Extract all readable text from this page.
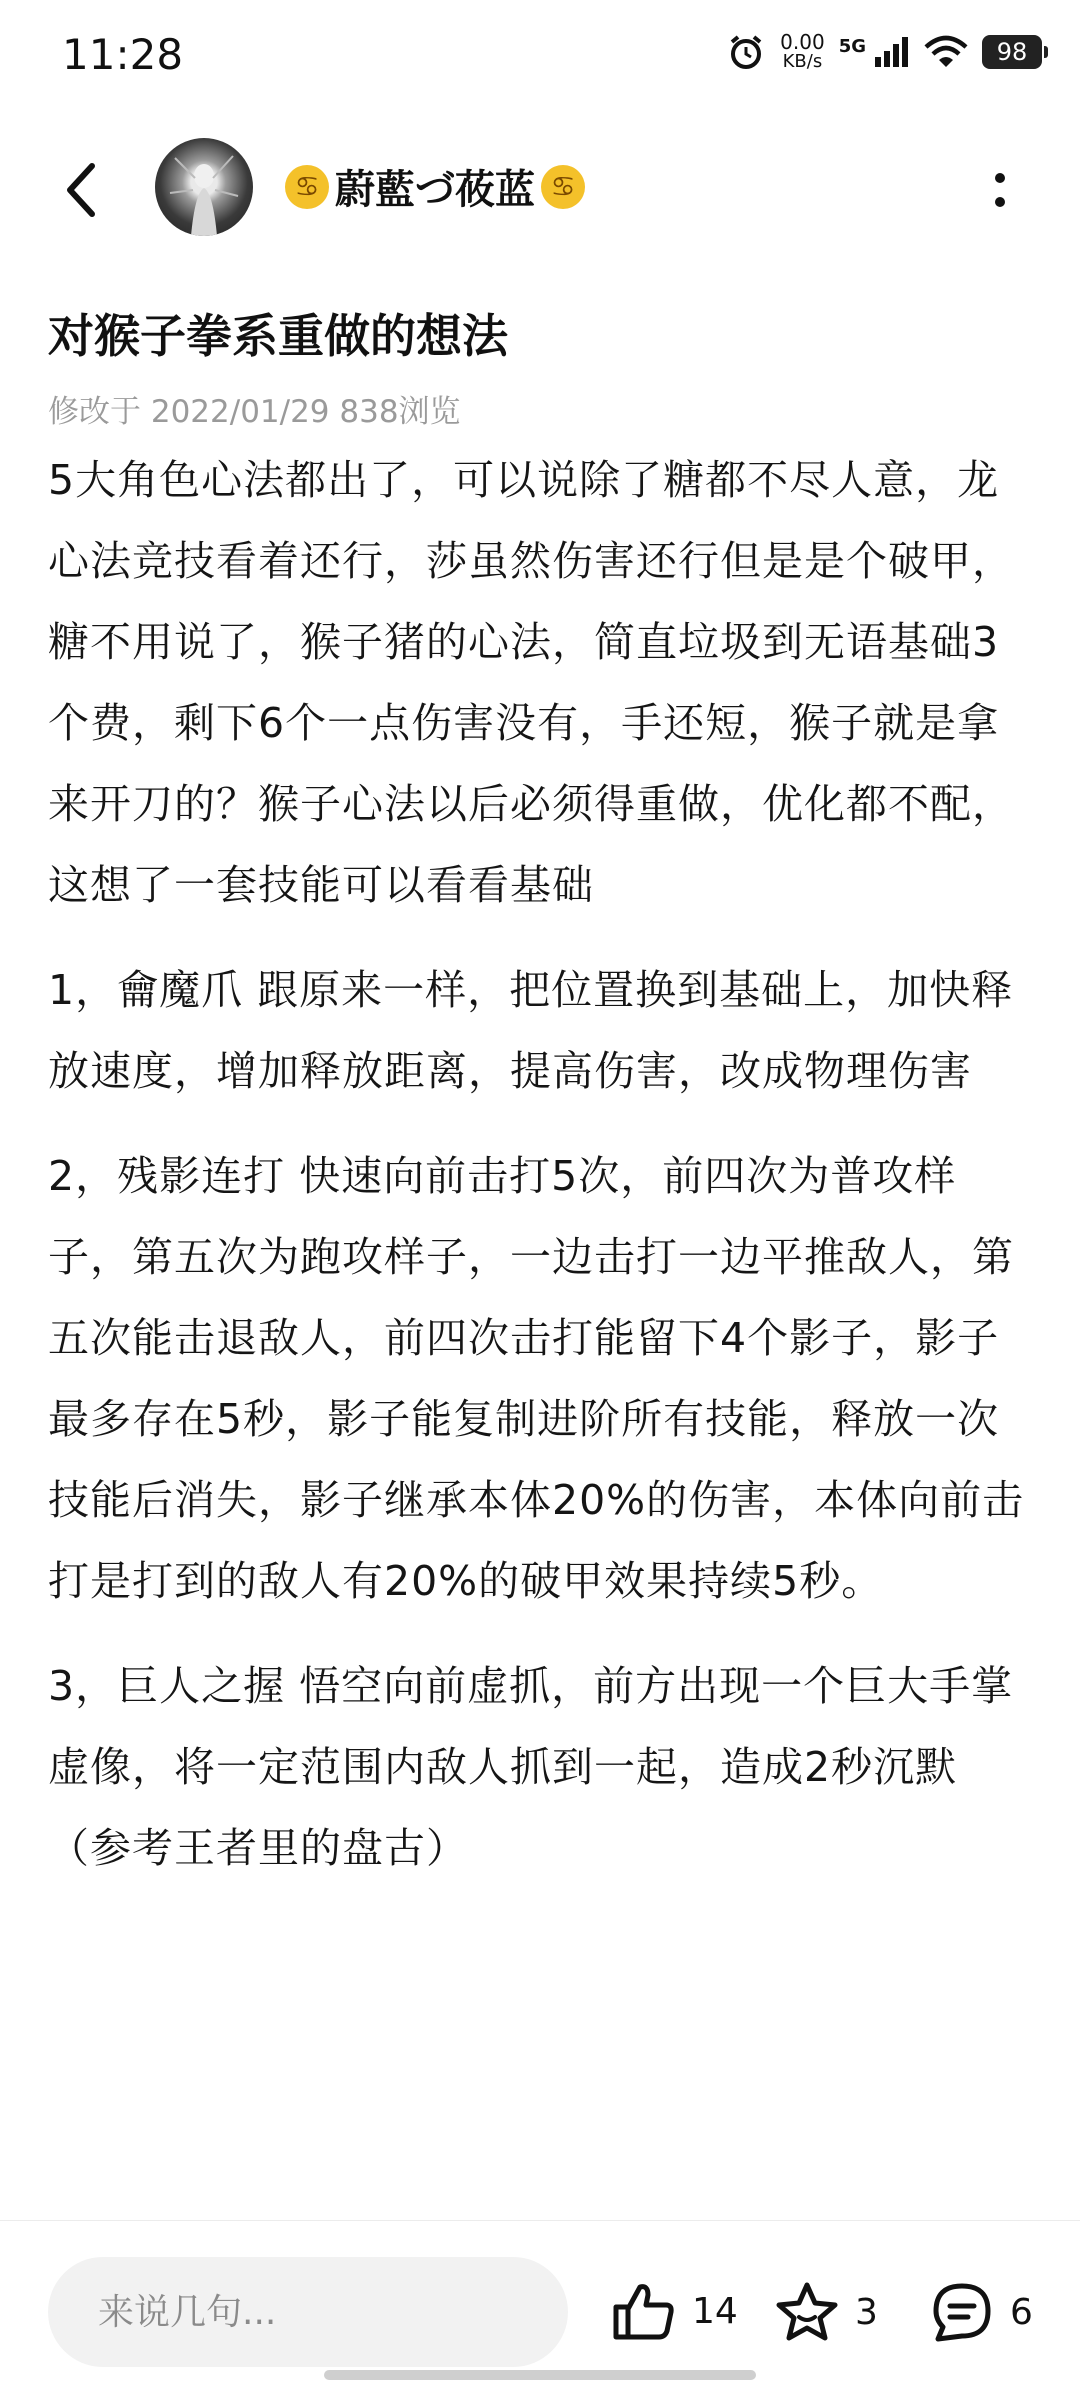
11:28	0.00
KB/s
5G	98
♋ 蔚藍づ莜蓝 ♋
对猴子拳系重做的想法
修改于 2022/01/29 838浏览

5大角色心法都出了，可以说除了糖都不尽人意，龙心法竞技看着还行，莎虽然伤害还行但是是个破甲，糖不用说了，猴子猪的心法，简直垃圾到无语基础3个费，剩下6个一点伤害没有，手还短，猴子就是拿来开刀的？猴子心法以后必须得重做，优化都不配，这想了一套技能可以看看基础

1，龠魔爪 跟原来一样，把位置换到基础上，加快释放速度，增加释放距离，提高伤害，改成物理伤害

2，残影连打 快速向前击打5次，前四次为普攻样子，第五次为跑攻样子，一边击打一边平推敌人，第五次能击退敌人，前四次击打能留下4个影子，影子最多存在5秒，影子能复制进阶所有技能，释放一次技能后消失，影子继承本体20%的伤害，本体向前击打是打到的敌人有20%的破甲效果持续5秒。

3，巨人之握 悟空向前虚抓，前方出现一个巨大手掌虚像，将一定范围内敌人抓到一起，造成2秒沉默（参考王者里的盘古）

来说几句...
14	3	6
